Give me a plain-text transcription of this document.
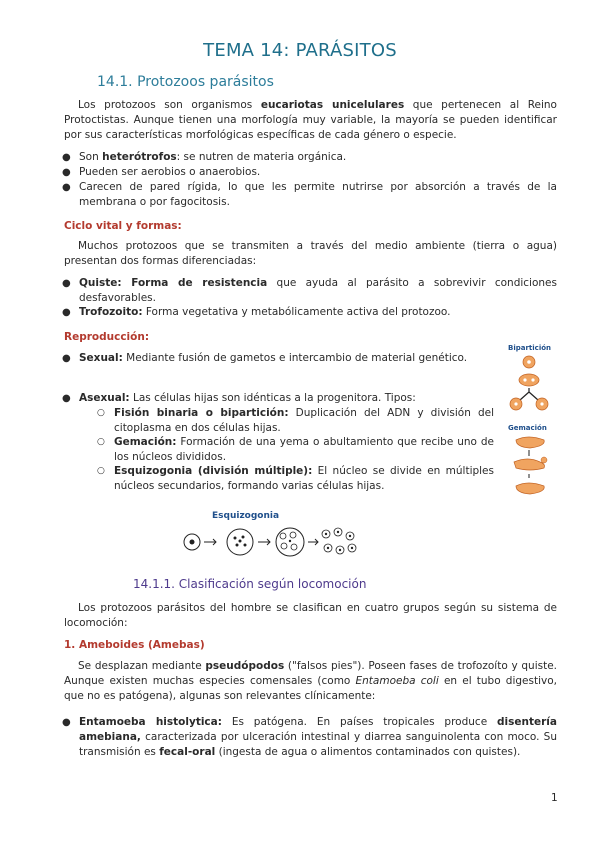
TEMA 14: PARÁSITOS
14.1. Protozoos parásitos
Los protozoos son organismos eucariotas unicelulares que pertenecen al Reino Protoctistas. Aunque tienen una morfología muy variable, la mayoría se pueden identificar por sus características morfológicas específicas de cada género o especie.
● Son heterótrofos: se nutren de materia orgánica.
● Pueden ser aerobios o anaerobios.
● Carecen de pared rígida, lo que les permite nutrirse por absorción a través de la membrana o por fagocitosis.
Ciclo vital y formas:
Muchos protozoos que se transmiten a través del medio ambiente (tierra o agua) presentan dos formas diferenciadas:
● Quiste: Forma de resistencia que ayuda al parásito a sobrevivir condiciones desfavorables.
● Trofozoito: Forma vegetativa y metabólicamente activa del protozoo.
Reproducción:
● Sexual: Mediante fusión de gametos e intercambio de material genético.
● Asexual: Las células hijas son idénticas a la progenitora. Tipos:
○ Fisión binaria o bipartición: Duplicación del ADN y división del citoplasma en dos células hijas.
○ Gemación: Formación de una yema o abultamiento que recibe uno de los núcleos divididos.
○ Esquizogonia (división múltiple): El núcleo se divide en múltiples núcleos secundarios, formando varias células hijas.
Bipartición
Gemación
Esquizogonia
14.1.1. Clasificación según locomoción
Los protozoos parásitos del hombre se clasifican en cuatro grupos según su sistema de locomoción:
1. Ameboides (Amebas)
Se desplazan mediante pseudópodos ("falsos pies"). Poseen fases de trofozoíto y quiste. Aunque existen muchas especies comensales (como Entamoeba coli en el tubo digestivo, que no es patógena), algunas son relevantes clínicamente:
● Entamoeba histolytica: Es patógena. En países tropicales produce disentería amebiana, caracterizada por ulceración intestinal y diarrea sanguinolenta con moco. Su transmisión es fecal-oral (ingesta de agua o alimentos contaminados con quistes).
1
